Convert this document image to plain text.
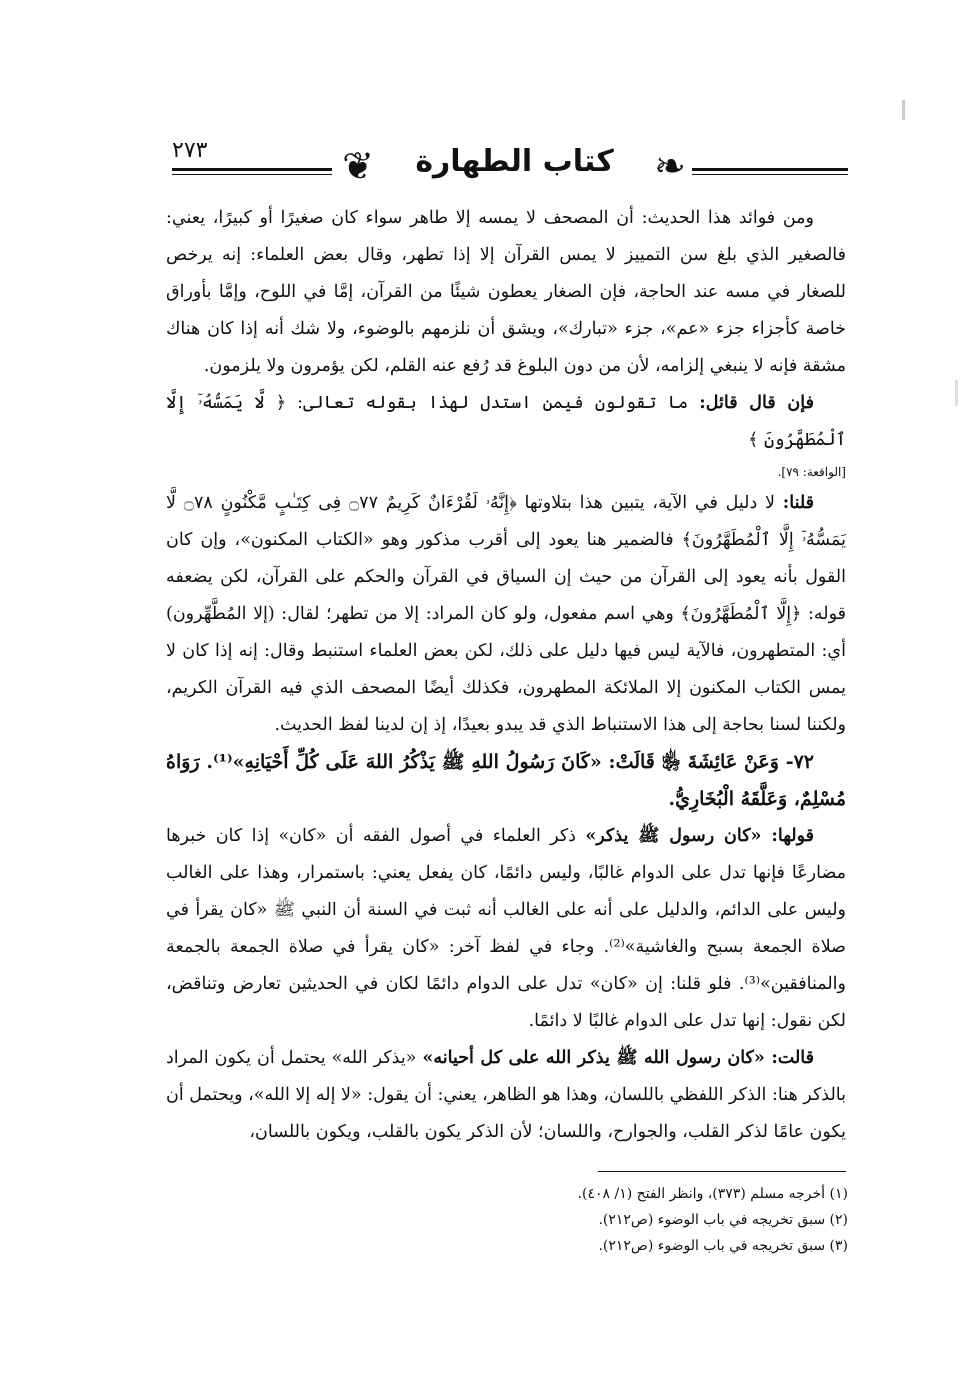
٢٧٣	❦	كتاب الطهارة	❧

ومن فوائد هذا الحديث: أن المصحف لا يمسه إلا طاهر سواء كان صغيرًا أو كبيرًا، يعني: فالصغير الذي بلغ سن التمييز لا يمس القرآن إلا إذا تطهر، وقال بعض العلماء: إنه يرخص للصغار في مسه عند الحاجة، فإن الصغار يعطون شيئًا من القرآن، إمَّا في اللوح، وإمَّا بأوراق خاصة كأجزاء جزء «عم»، جزء «تبارك»، ويشق أن نلزمهم بالوضوء، ولا شك أنه إذا كان هناك مشقة فإنه لا ينبغي إلزامه، لأن من دون البلوغ قد رُفع عنه القلم، لكن يؤمرون ولا يلزمون.

فإن قال قائل: ما تقولون فيمن استدل لهذا بقوله تعالى: ﴿ لَّا يَمَسُّهُۥٓ إِلَّا ٱلْمُطَهَّرُونَ ﴾

[الواقعة: ٧٩].

قلنا: لا دليل في الآية، يتبين هذا بتلاوتها ﴿إِنَّهُۥ لَقُرْءَانٌ كَرِيمٌ ۝٧٧ فِى كِتَـٰبٍ مَّكْنُونٍ ۝٧٨ لَّا يَمَسُّهُۥٓ إِلَّا ٱلْمُطَهَّرُونَ﴾ فالضمير هنا يعود إلى أقرب مذكور وهو «الكتاب المكنون»، وإن كان القول بأنه يعود إلى القرآن من حيث إن السياق في القرآن والحكم على القرآن، لكن يضعفه قوله: ﴿إِلَّا ٱلْمُطَهَّرُونَ﴾ وهي اسم مفعول، ولو كان المراد: إلا من تطهر؛ لقال: (إلا المُطَّهِّرون) أي: المتطهرون، فالآية ليس فيها دليل على ذلك، لكن بعض العلماء استنبط وقال: إنه إذا كان لا يمس الكتاب المكنون إلا الملائكة المطهرون، فكذلك أيضًا المصحف الذي فيه القرآن الكريم، ولكننا لسنا بحاجة إلى هذا الاستنباط الذي قد يبدو بعيدًا، إذ إن لدينا لفظ الحديث.

٧٢- وَعَنْ عَائِشَةَ ﵂ قَالَتْ: «كَانَ رَسُولُ اللهِ ﷺ يَذْكُرُ اللهَ عَلَى كُلِّ أَحْيَانِهِ»⁽¹⁾. رَوَاهُ مُسْلِمٌ، وَعَلَّقَهُ الْبُخَارِيُّ.

قولها: «كان رسول ﷺ يذكر» ذكر العلماء في أصول الفقه أن «كان» إذا كان خبرها مضارعًا فإنها تدل على الدوام غالبًا، وليس دائمًا، كان يفعل يعني: باستمرار، وهذا على الغالب وليس على الدائم، والدليل على أنه على الغالب أنه ثبت في السنة أن النبي ﷺ «كان يقرأ في صلاة الجمعة بسبح والغاشية»⁽²⁾. وجاء في لفظ آخر: «كان يقرأ في صلاة الجمعة بالجمعة والمنافقين»⁽³⁾. فلو قلنا: إن «كان» تدل على الدوام دائمًا لكان في الحديثين تعارض وتناقض، لكن نقول: إنها تدل على الدوام غالبًا لا دائمًا.

قالت: «كان رسول الله ﷺ يذكر الله على كل أحيانه» «يذكر الله» يحتمل أن يكون المراد بالذكر هنا: الذكر اللفظي باللسان، وهذا هو الظاهر، يعني: أن يقول: «لا إله إلا الله»، ويحتمل أن يكون عامًا لذكر القلب، والجوارح، واللسان؛ لأن الذكر يكون بالقلب، ويكون باللسان،

(١) أخرجه مسلم (٣٧٣)، وانظر الفتح (١/ ٤٠٨).
(٢) سبق تخريجه في باب الوضوء (ص٢١٢).
(٣) سبق تخريجه في باب الوضوء (ص٢١٢).
